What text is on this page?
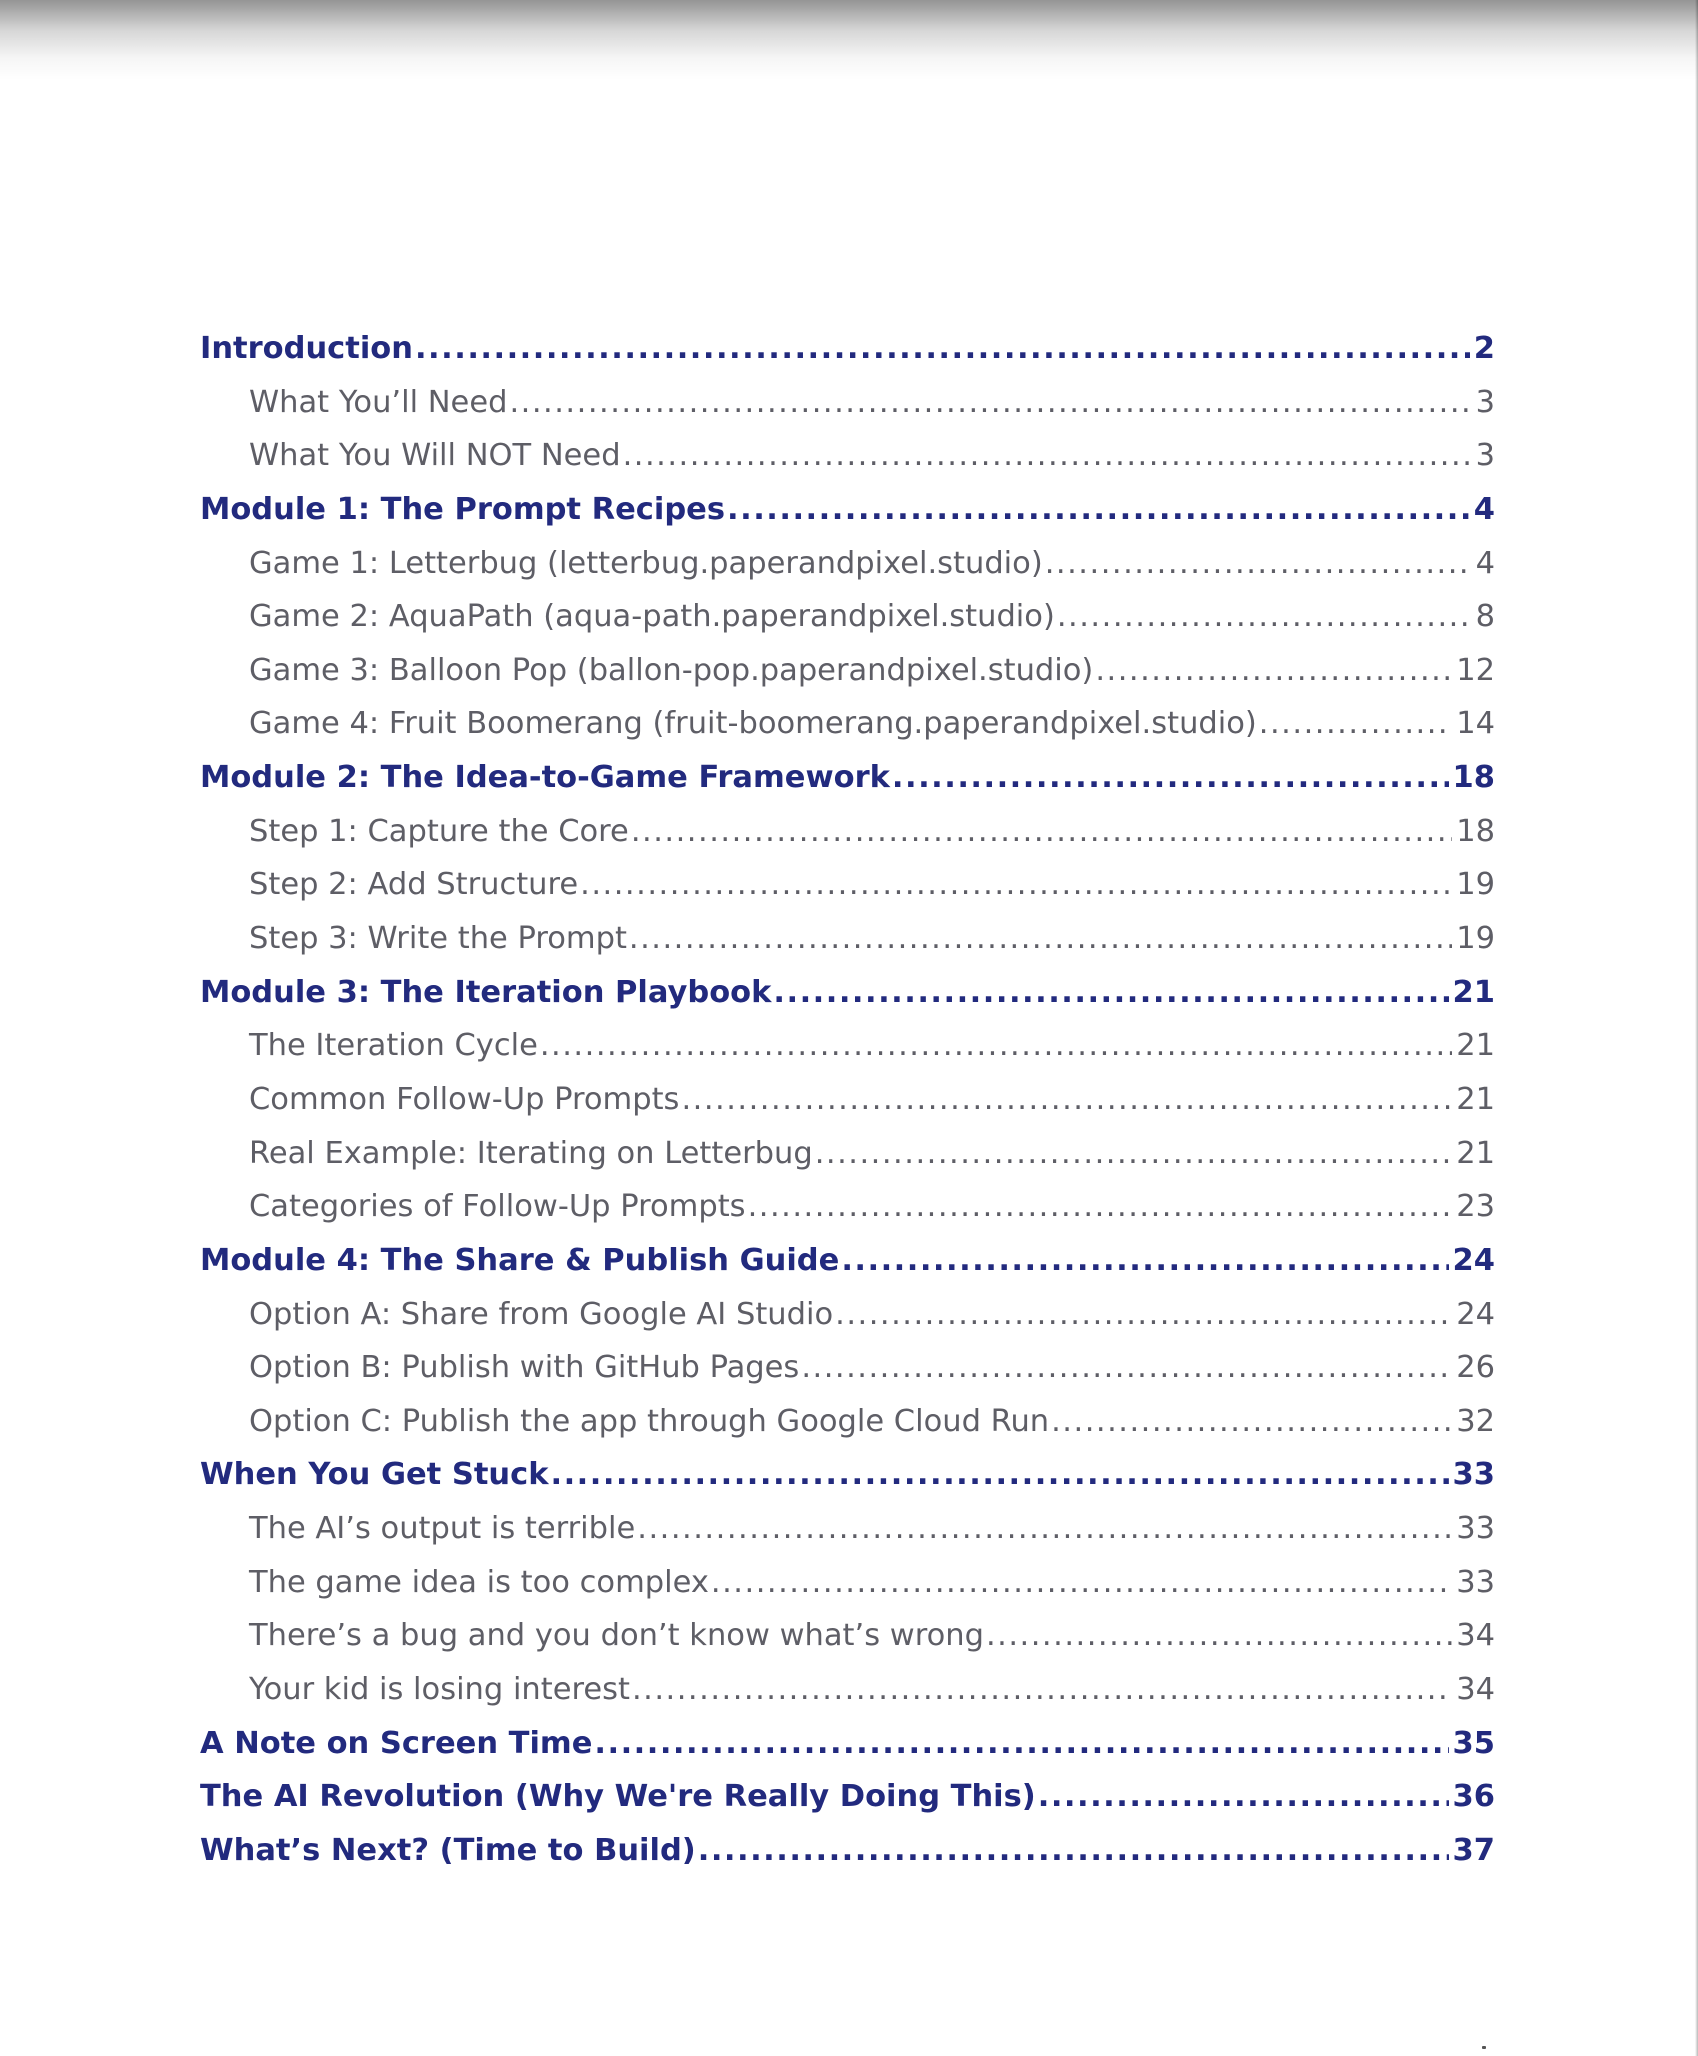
Introduction .....	2
What You’ll Need .....	3
What You Will NOT Need .....	3
Module 1: The Prompt Recipes .....	4
Game 1: Letterbug (letterbug.paperandpixel.studio) .....	4
Game 2: AquaPath (aqua-path.paperandpixel.studio) .....	8
Game 3: Balloon Pop (ballon-pop.paperandpixel.studio) .....	12
Game 4: Fruit Boomerang (fruit-boomerang.paperandpixel.studio) .....	14
Module 2: The Idea-to-Game Framework .....	18
Step 1: Capture the Core .....	18
Step 2: Add Structure .....	19
Step 3: Write the Prompt .....	19
Module 3: The Iteration Playbook .....	21
The Iteration Cycle .....	21
Common Follow-Up Prompts .....	21
Real Example: Iterating on Letterbug .....	21
Categories of Follow-Up Prompts .....	23
Module 4: The Share & Publish Guide .....	24
Option A: Share from Google AI Studio .....	24
Option B: Publish with GitHub Pages .....	26
Option C: Publish the app through Google Cloud Run .....	32
When You Get Stuck .....	33
The AI’s output is terrible .....	33
The game idea is too complex .....	33
There’s a bug and you don’t know what’s wrong .....	34
Your kid is losing interest .....	34
A Note on Screen Time .....	35
The AI Revolution (Why We're Really Doing This) .....	36
What’s Next? (Time to Build) .....	37
